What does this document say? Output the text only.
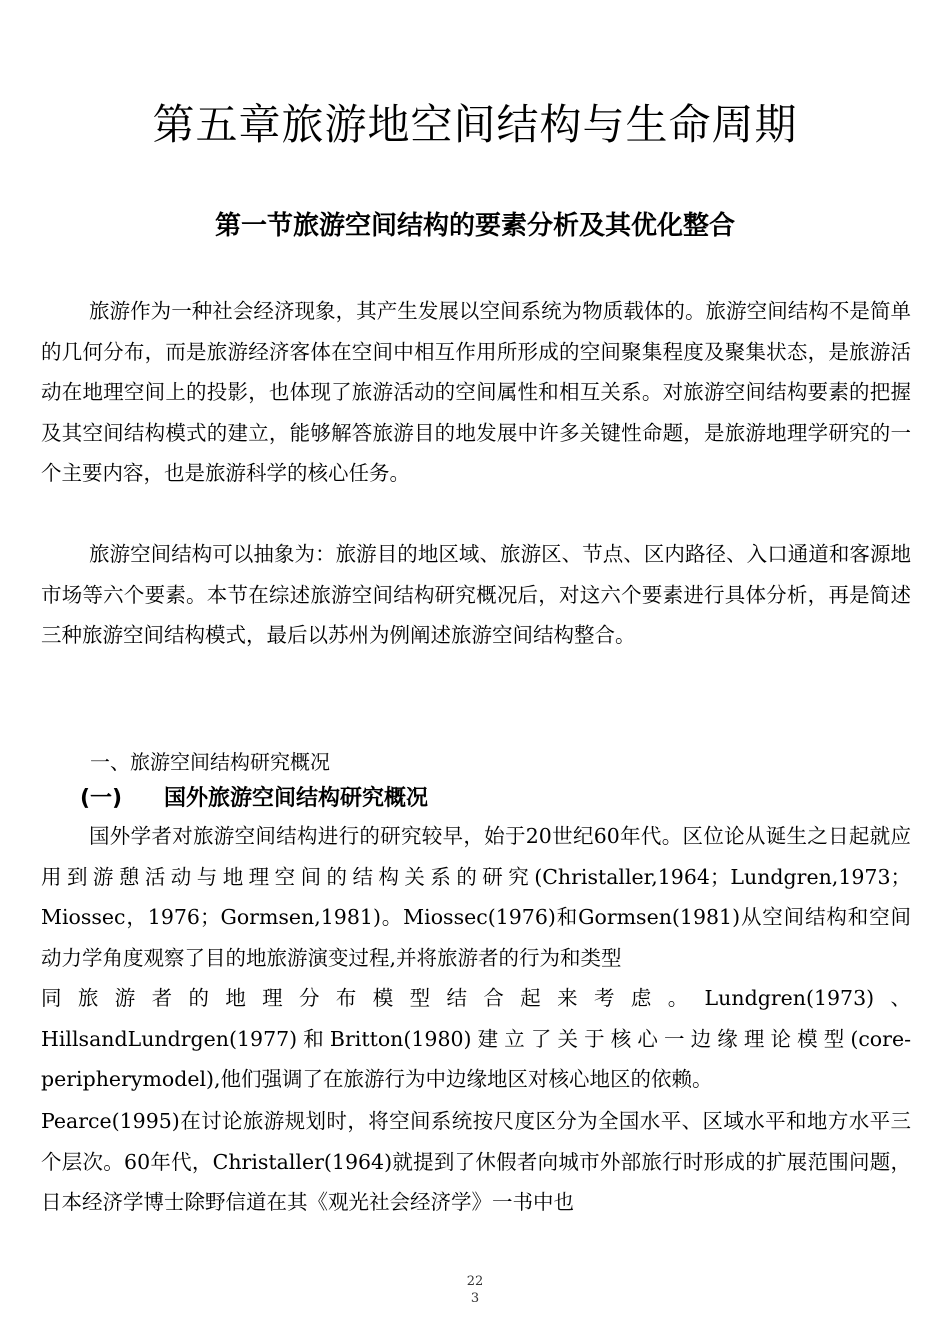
第五章旅游地空间结构与生命周期
第一节旅游空间结构的要素分析及其优化整合

旅游作为一种社会经济现象，其产生发展以空间系统为物质载体的。旅游空间结构不是简单的几何分布，而是旅游经济客体在空间中相互作用所形成的空间聚集程度及聚集状态，是旅游活动在地理空间上的投影，也体现了旅游活动的空间属性和相互关系。对旅游空间结构要素的把握及其空间结构模式的建立，能够解答旅游目的地发展中许多关键性命题，是旅游地理学研究的一个主要内容，也是旅游科学的核心任务。

旅游空间结构可以抽象为：旅游目的地区域、旅游区、节点、区内路径、入口通道和客源地市场等六个要素。本节在综述旅游空间结构研究概况后，对这六个要素进行具体分析，再是简述三种旅游空间结构模式，最后以苏州为例阐述旅游空间结构整合。

一、旅游空间结构研究概况
(一) 国外旅游空间结构研究概况
国外学者对旅游空间结构进行的研究较早，始于20世纪60年代。区位论从诞生之日起就应用到游憩活动与地理空间的结构关系的研究(Christaller,1964；Lundgren,1973；Miossec，1976；Gormsen,1981)。Miossec(1976)和Gormsen(1981)从空间结构和空间动力学角度观察了目的地旅游演变过程,并将旅游者的行为和类型
同旅游者的地理分布模型结合起来考虑。Lundgren(1973)、
HillsandLundrgen(1977)和Britton(1980)建立了关于核心一边缘理论模型(core-peripherymodel),他们强调了在旅游行为中边缘地区对核心地区的依赖。

Pearce(1995)在讨论旅游规划时，将空间系统按尺度区分为全国水平、区域水平和地方水平三个层次。60年代，Christaller(1964)就提到了休假者向城市外部旅行时形成的扩展范围问题，日本经济学博士除野信道在其《观光社会经济学》一书中也

22
3
